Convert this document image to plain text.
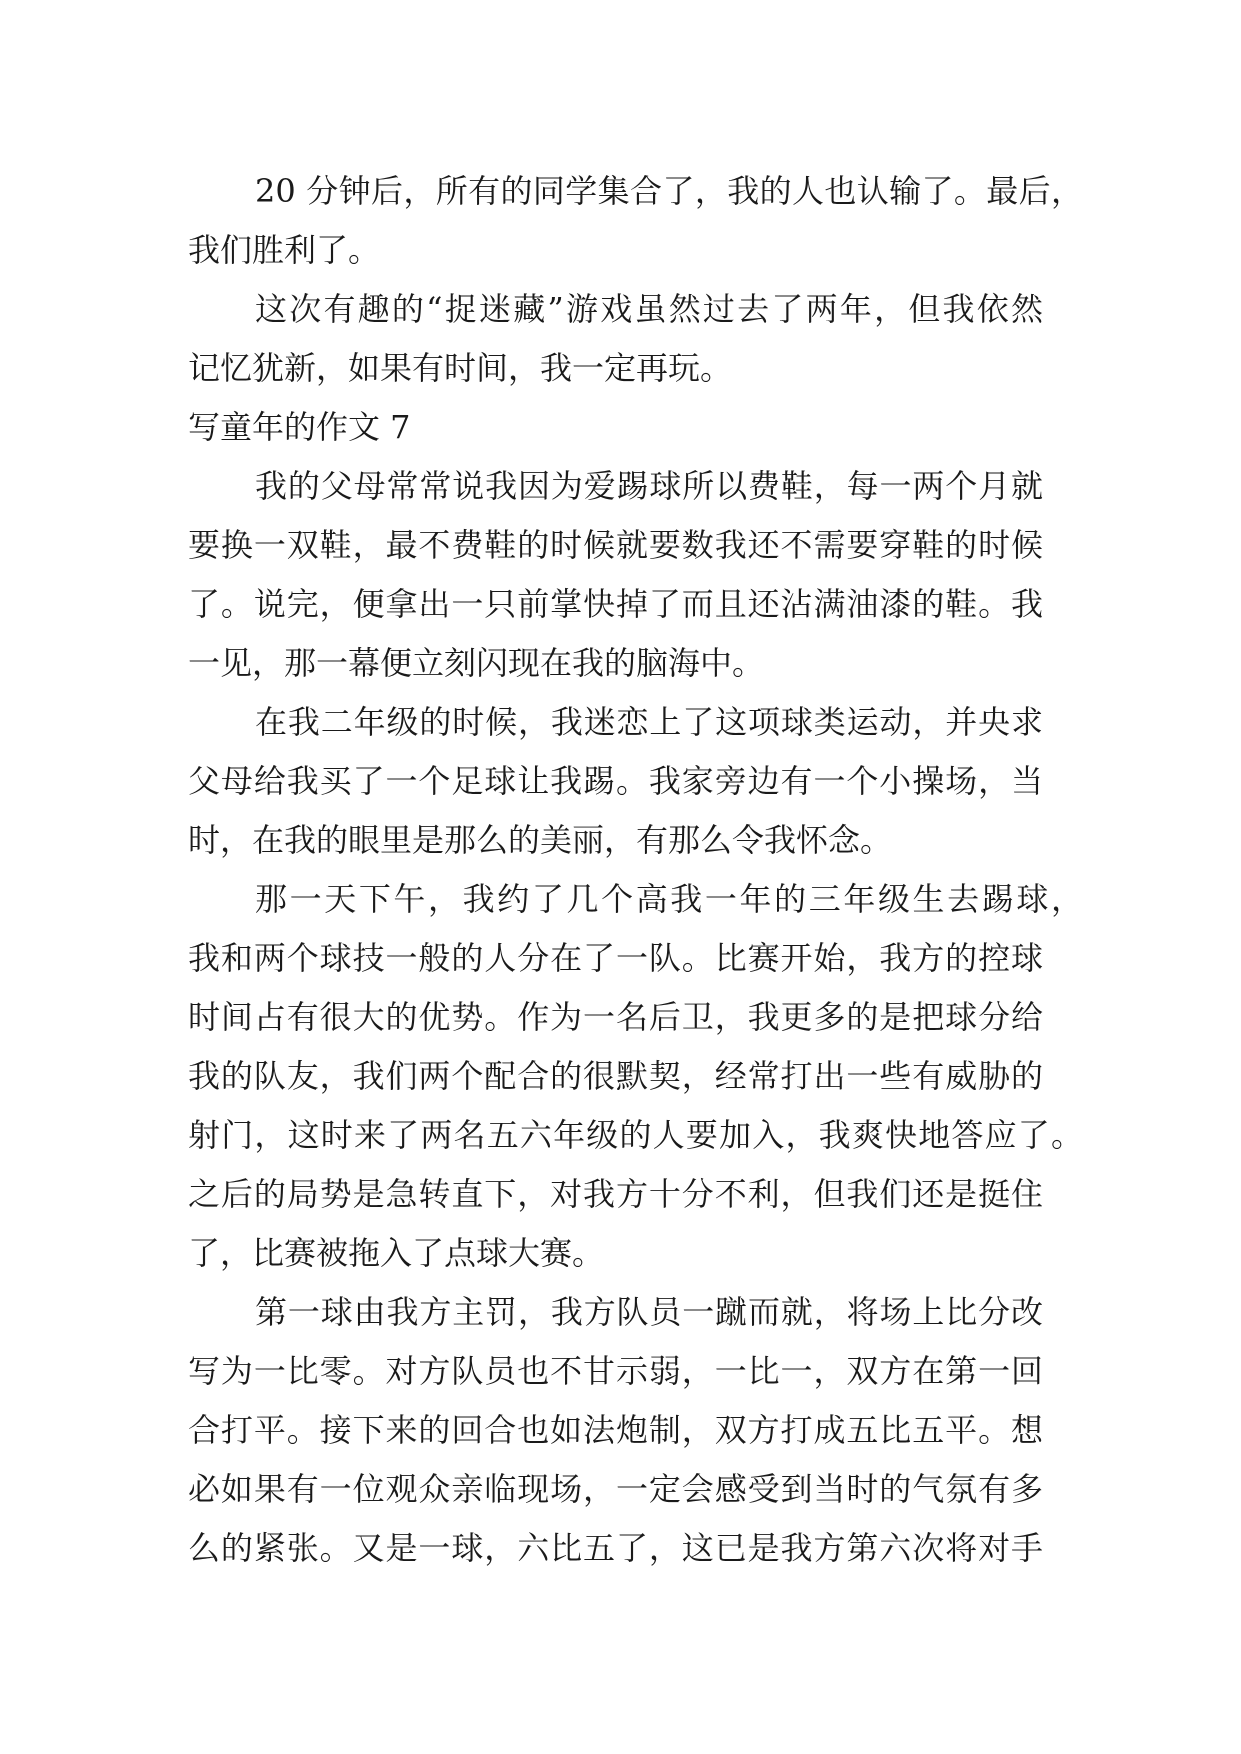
20 分钟后，所有的同学集合了，我的人也认输了。最后，
我们胜利了。
这次有趣的“捉迷藏”游戏虽然过去了两年，但我依然
记忆犹新，如果有时间，我一定再玩。
写童年的作文 7
我的父母常常说我因为爱踢球所以费鞋，每一两个月就
要换一双鞋，最不费鞋的时候就要数我还不需要穿鞋的时候
了。说完，便拿出一只前掌快掉了而且还沾满油漆的鞋。我
一见，那一幕便立刻闪现在我的脑海中。
在我二年级的时候，我迷恋上了这项球类运动，并央求
父母给我买了一个足球让我踢。我家旁边有一个小操场，当
时，在我的眼里是那么的美丽，有那么令我怀念。
那一天下午，我约了几个高我一年的三年级生去踢球，
我和两个球技一般的人分在了一队。比赛开始，我方的控球
时间占有很大的优势。作为一名后卫，我更多的是把球分给
我的队友，我们两个配合的很默契，经常打出一些有威胁的
射门，这时来了两名五六年级的人要加入，我爽快地答应了。
之后的局势是急转直下，对我方十分不利，但我们还是挺住
了，比赛被拖入了点球大赛。
第一球由我方主罚，我方队员一蹴而就，将场上比分改
写为一比零。对方队员也不甘示弱，一比一，双方在第一回
合打平。接下来的回合也如法炮制，双方打成五比五平。想
必如果有一位观众亲临现场，一定会感受到当时的气氛有多
么的紧张。又是一球，六比五了，这已是我方第六次将对手
